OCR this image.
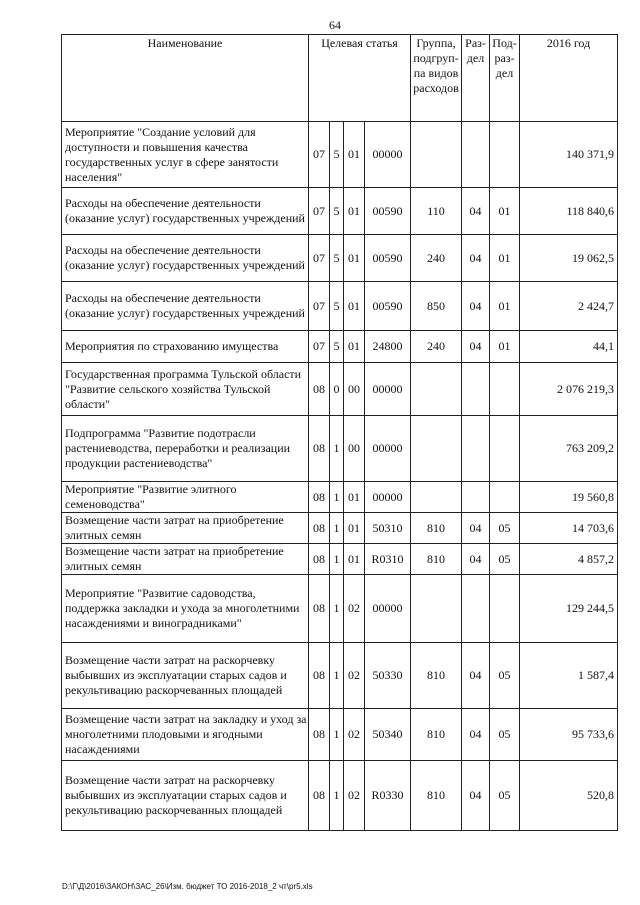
64
Наименование	Целевая статья				Группа, подгруп-па видов расходов	Раз-дел	Под-раз-дел	2016 год
Мероприятие "Создание условий для доступности и повышения качества государственных услуг в сфере занятости населения"	07	5	01	00000				140 371,9
Расходы на обеспечение деятельности (оказание услуг) государственных учреждений	07	5	01	00590	110	04	01	118 840,6
Расходы на обеспечение деятельности (оказание услуг) государственных учреждений	07	5	01	00590	240	04	01	19 062,5
Расходы на обеспечение деятельности (оказание услуг) государственных учреждений	07	5	01	00590	850	04	01	2 424,7
Мероприятия по страхованию имущества	07	5	01	24800	240	04	01	44,1
Государственная программа Тульской области "Развитие сельского хозяйства Тульской области"	08	0	00	00000				2 076 219,3
Подпрограмма "Развитие подотрасли растениеводства, переработки и реализации продукции растениеводства"	08	1	00	00000				763 209,2
Мероприятие "Развитие элитного семеноводства"	08	1	01	00000				19 560,8
Возмещение части затрат на приобретение элитных семян	08	1	01	50310	810	04	05	14 703,6
Возмещение части затрат на приобретение элитных семян	08	1	01	R0310	810	04	05	4 857,2
Мероприятие "Развитие садоводства, поддержка закладки и ухода за многолетними насаждениями и виноградниками"	08	1	02	00000				129 244,5
Возмещение части затрат на раскорчевку выбывших из эксплуатации старых садов и рекультивацию раскорчеванных площадей	08	1	02	50330	810	04	05	1 587,4
Возмещение части затрат на закладку и уход за многолетними плодовыми и ягодными насаждениями	08	1	02	50340	810	04	05	95 733,6
Возмещение части затрат на раскорчевку выбывших из эксплуатации старых садов и рекультивацию раскорчеванных площадей	08	1	02	R0330	810	04	05	520,8
D:\Г\Д\2016\ЗАКОН\ЗАС_26\Изм. бюджет ТО 2016-2018_2 чт\pr5.xls
